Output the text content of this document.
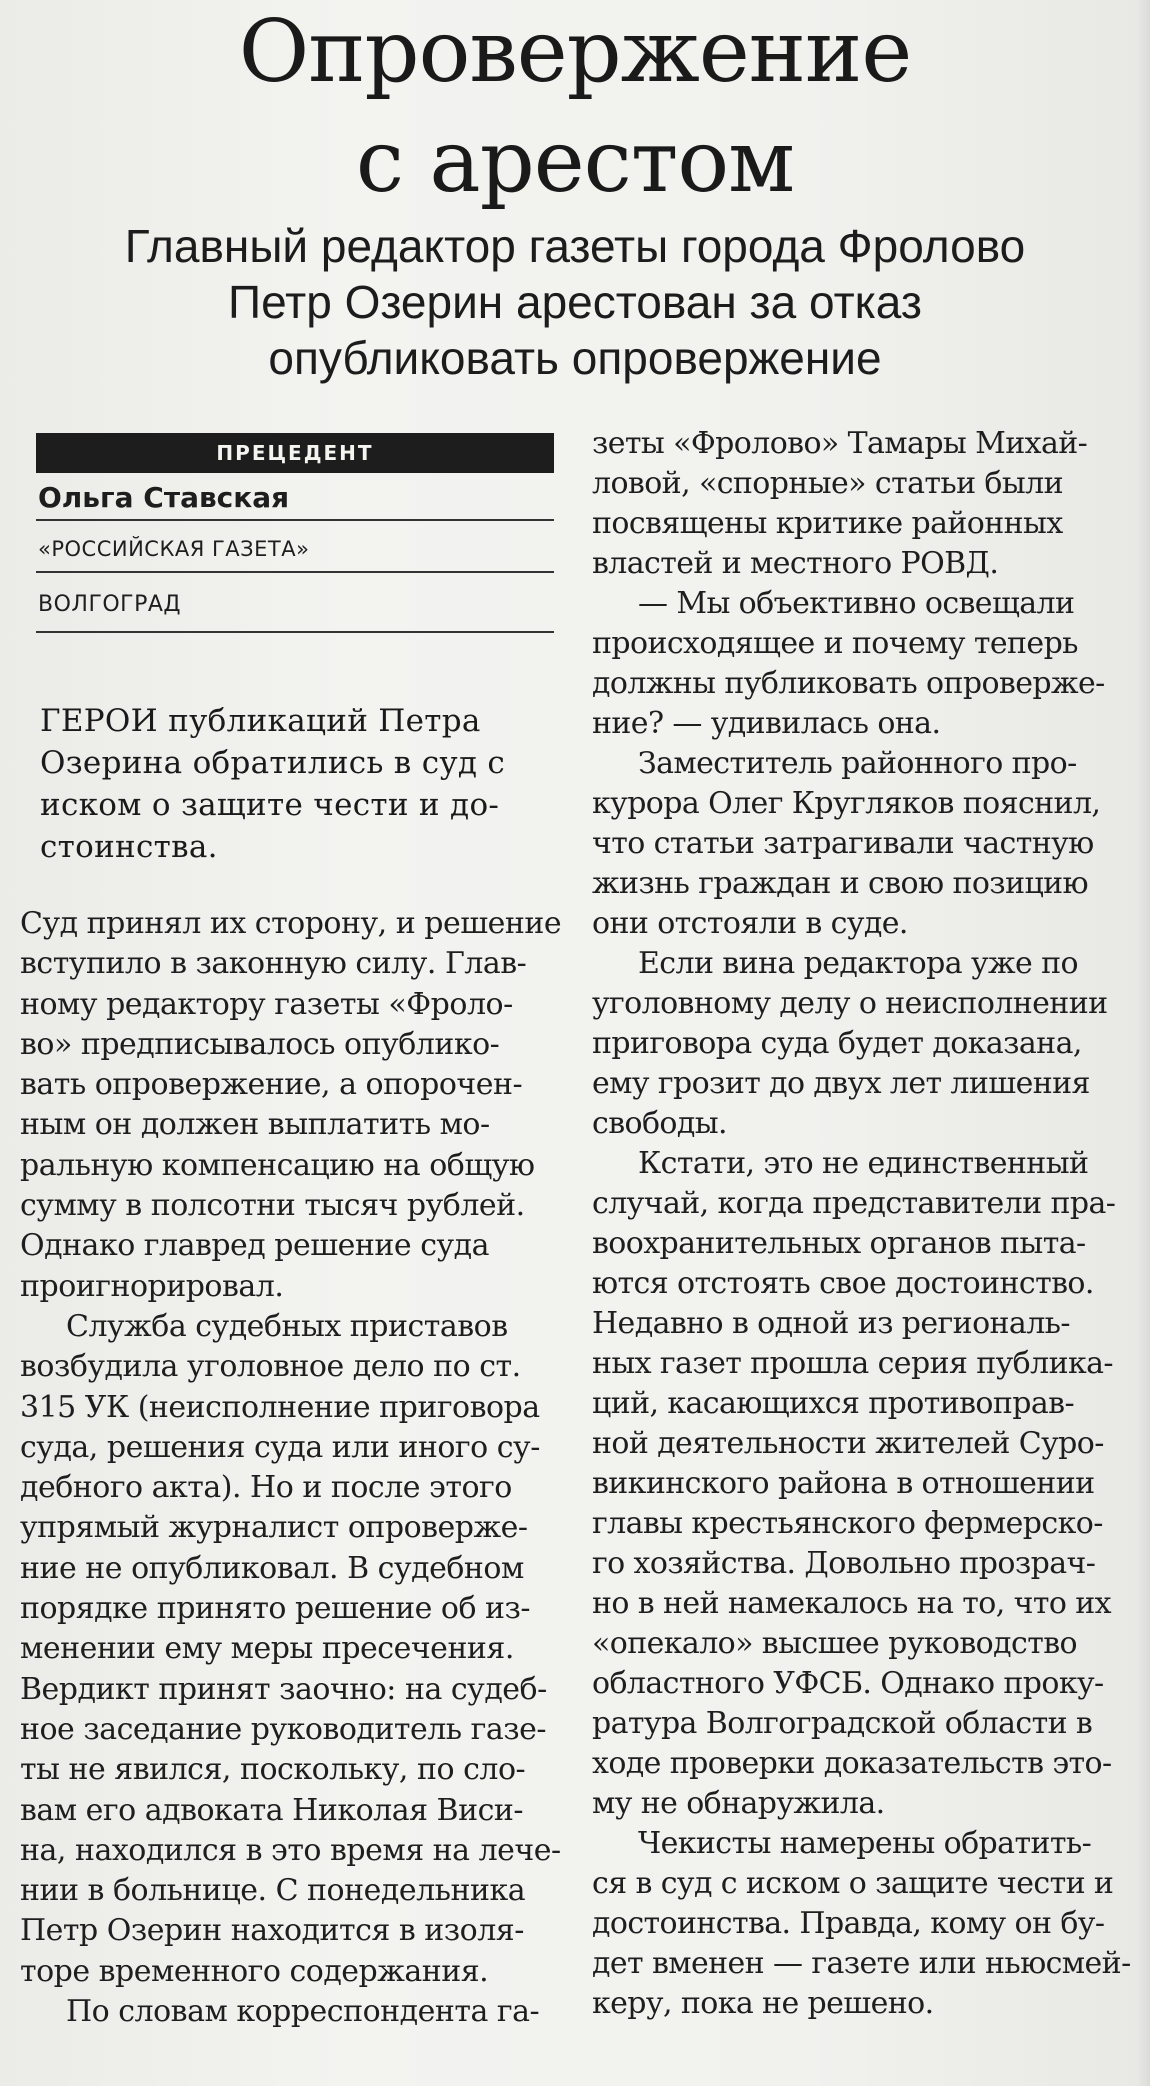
Опровержение
с арестом
Главный редактор газеты города Фролово
Петр Озерин арестован за отказ
опубликовать опровержение
ПРЕЦЕДЕНТ
Ольга Ставская
«РОССИЙСКАЯ ГАЗЕТА»
ВОЛГОГРАД
ГЕРОИ публикаций Петра
Озерина обратились в суд с
иском о защите чести и до-
стоинства.
Суд принял их сторону, и решение
вступило в законную силу. Глав-
ному редактору газеты «Фроло-
во» предписывалось опублико-
вать опровержение, а опорочен-
ным он должен выплатить мо-
ральную компенсацию на общую
сумму в полсотни тысяч рублей.
Однако главред решение суда
проигнорировал.
Служба судебных приставов
возбудила уголовное дело по ст.
315 УК (неисполнение приговора
суда, решения суда или иного су-
дебного акта). Но и после этого
упрямый журналист опроверже-
ние не опубликовал. В судебном
порядке принято решение об из-
менении ему меры пресечения.
Вердикт принят заочно: на судеб-
ное заседание руководитель газе-
ты не явился, поскольку, по сло-
вам его адвоката Николая Виси-
на, находился в это время на лече-
нии в больнице. С понедельника
Петр Озерин находится в изоля-
торе временного содержания.
По словам корреспондента га-
зеты «Фролово» Тамары Михай-
ловой, «спорные» статьи были
посвящены критике районных
властей и местного РОВД.
— Мы объективно освещали
происходящее и почему теперь
должны публиковать опроверже-
ние? — удивилась она.
Заместитель районного про-
курора Олег Кругляков пояснил,
что статьи затрагивали частную
жизнь граждан и свою позицию
они отстояли в суде.
Если вина редактора уже по
уголовному делу о неисполнении
приговора суда будет доказана,
ему грозит до двух лет лишения
свободы.
Кстати, это не единственный
случай, когда представители пра-
воохранительных органов пыта-
ются отстоять свое достоинство.
Недавно в одной из региональ-
ных газет прошла серия публика-
ций, касающихся противоправ-
ной деятельности жителей Суро-
викинского района в отношении
главы крестьянского фермерско-
го хозяйства. Довольно прозрач-
но в ней намекалось на то, что их
«опекало» высшее руководство
областного УФСБ. Однако проку-
ратура Волгоградской области в
ходе проверки доказательств это-
му не обнаружила.
Чекисты намерены обратить-
ся в суд с иском о защите чести и
достоинства. Правда, кому он бу-
дет вменен — газете или ньюсмей-
керу, пока не решено.
